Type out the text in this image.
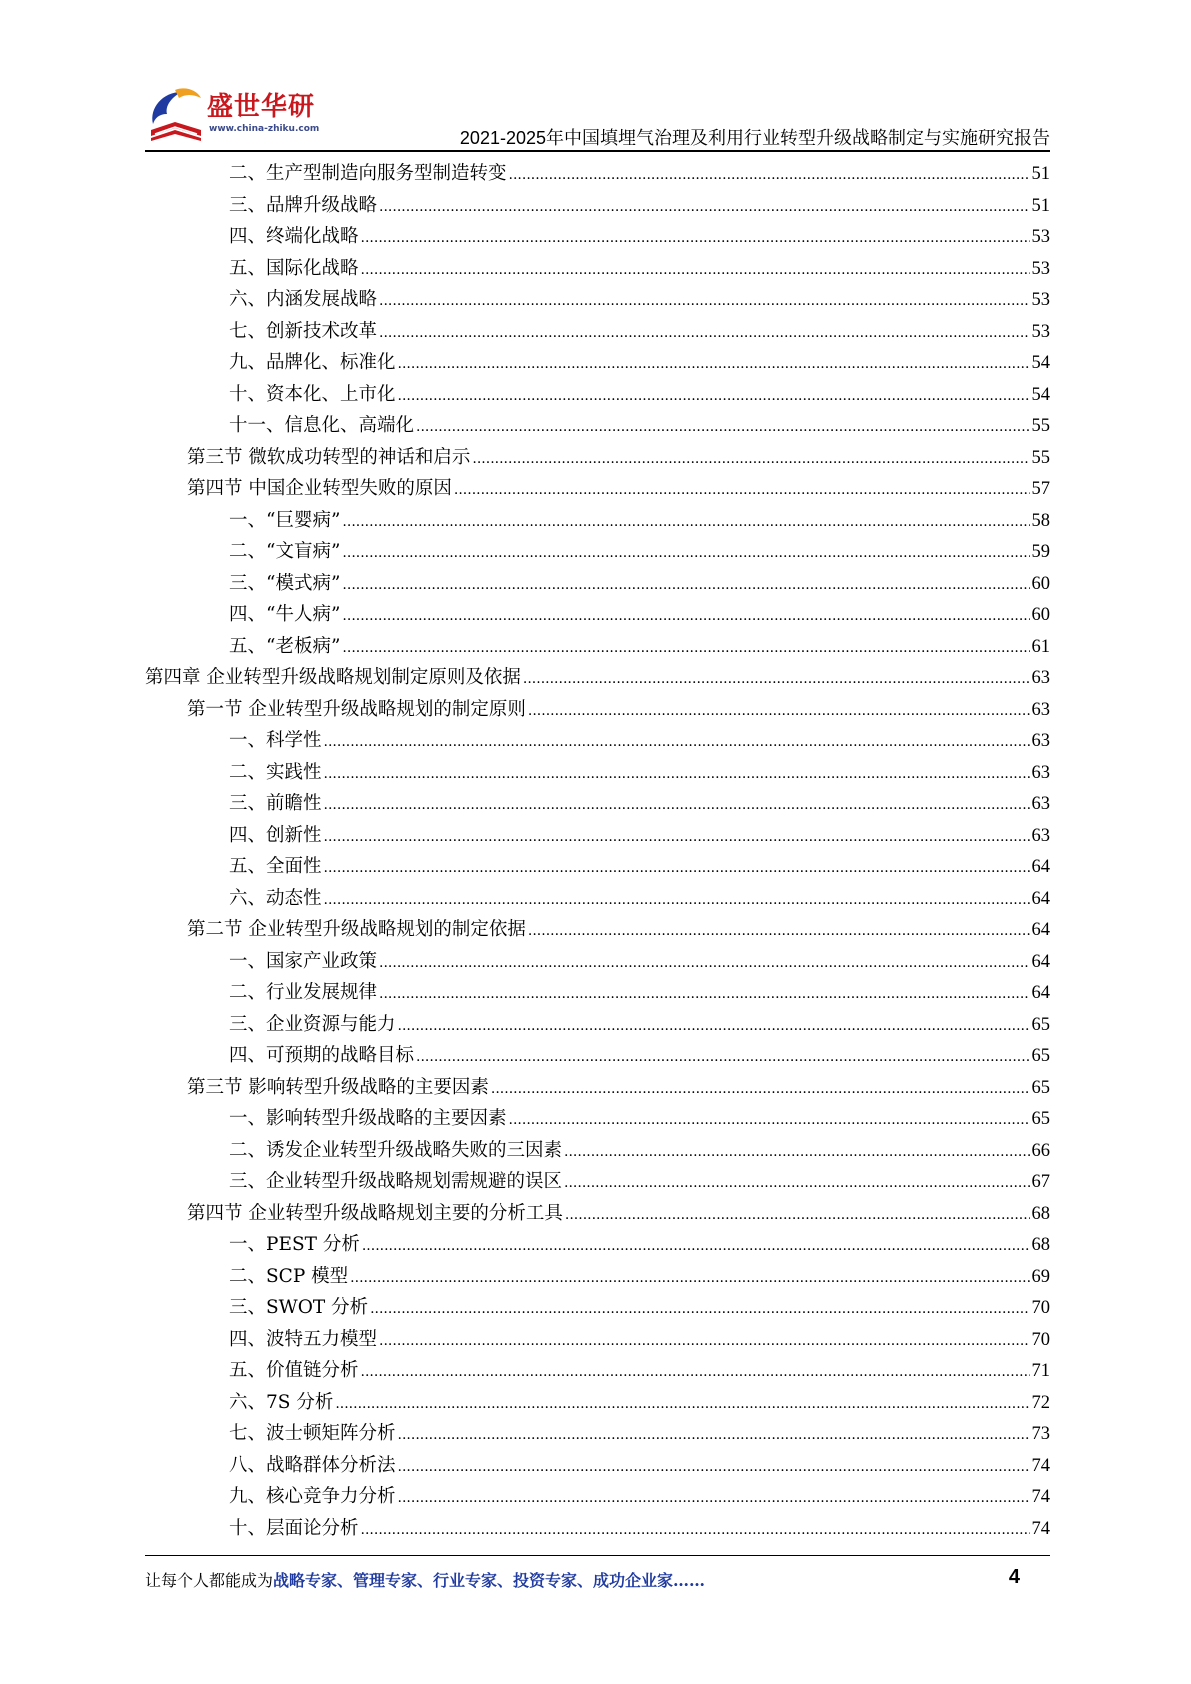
盛世华研
www.china-zhiku.com	2021-2025年中国填埋气治理及利用行业转型升级战略制定与实施研究报告
二、生产型制造向服务型制造转变 .....	51
三、品牌升级战略 .....	51
四、终端化战略 .....	53
五、国际化战略 .....	53
六、内涵发展战略 .....	53
七、创新技术改革 .....	53
九、品牌化、标准化 .....	54
十、资本化、上市化 .....	54
十一、信息化、高端化 .....	55
第三节 微软成功转型的神话和启示 .....	55
第四节 中国企业转型失败的原因 .....	57
一、“巨婴病” .....	58
二、“文盲病” .....	59
三、“模式病” .....	60
四、“牛人病” .....	60
五、“老板病” .....	61
第四章 企业转型升级战略规划制定原则及依据 .....	63
第一节 企业转型升级战略规划的制定原则 .....	63
一、科学性 .....	63
二、实践性 .....	63
三、前瞻性 .....	63
四、创新性 .....	63
五、全面性 .....	64
六、动态性 .....	64
第二节 企业转型升级战略规划的制定依据 .....	64
一、国家产业政策 .....	64
二、行业发展规律 .....	64
三、企业资源与能力 .....	65
四、可预期的战略目标 .....	65
第三节 影响转型升级战略的主要因素 .....	65
一、影响转型升级战略的主要因素 .....	65
二、诱发企业转型升级战略失败的三因素 .....	66
三、企业转型升级战略规划需规避的误区 .....	67
第四节 企业转型升级战略规划主要的分析工具 .....	68
一、PEST 分析 .....	68
二、SCP 模型 .....	69
三、SWOT 分析 .....	70
四、波特五力模型 .....	70
五、价值链分析 .....	71
六、7S 分析 .....	72
七、波士顿矩阵分析 .....	73
八、战略群体分析法 .....	74
九、核心竞争力分析 .....	74
十、层面论分析 .....	74
让每个人都能成为战略专家、管理专家、行业专家、投资专家、成功企业家……	4
